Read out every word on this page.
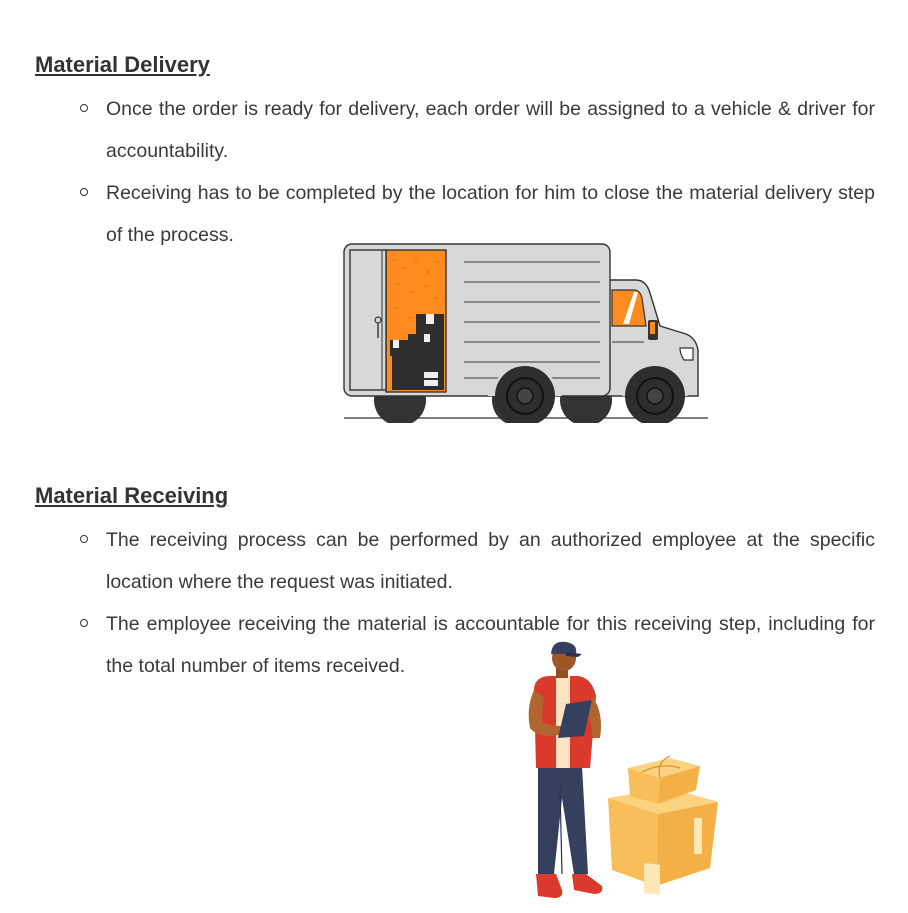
Material Delivery
Once the order is ready for delivery, each order will be assigned to a vehicle & driver for accountability.
Receiving has to be completed by the location for him to close the material delivery step of the process.
Material Receiving
The receiving process can be performed by an authorized employee at the specific location where the request was initiated.
The employee receiving the material is accountable for this receiving step, including for the total number of items received.
